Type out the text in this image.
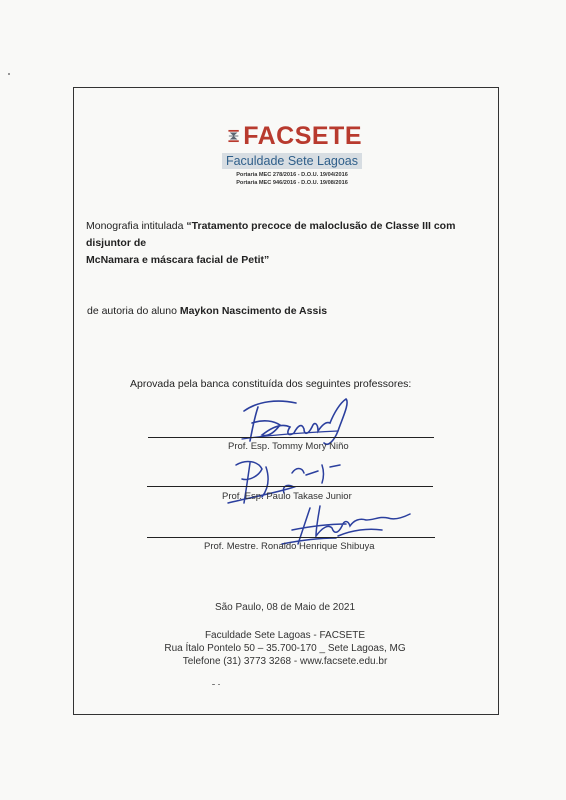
FACSETE
Faculdade Sete Lagoas
Portaria MEC 278/2016 - D.O.U. 19/04/2016
Portaria MEC 946/2016 - D.O.U. 19/08/2016
Monografia intitulada “Tratamento precoce de maloclusão de Classe III com disjuntor de
McNamara e máscara facial de Petit”
de autoria do aluno Maykon Nascimento de Assis
Aprovada pela banca constituída dos seguintes professores:
Prof. Esp. Tommy Mory Niño
Prof. Esp. Paulo Takase Junior
Prof. Mestre. Ronaldo Henrique Shibuya
São Paulo, 08 de Maio de 2021
Faculdade Sete Lagoas - FACSETE
Rua Ítalo Pontelo 50 – 35.700-170 _ Sete Lagoas, MG
Telefone (31) 3773 3268 - www.facsete.edu.br
